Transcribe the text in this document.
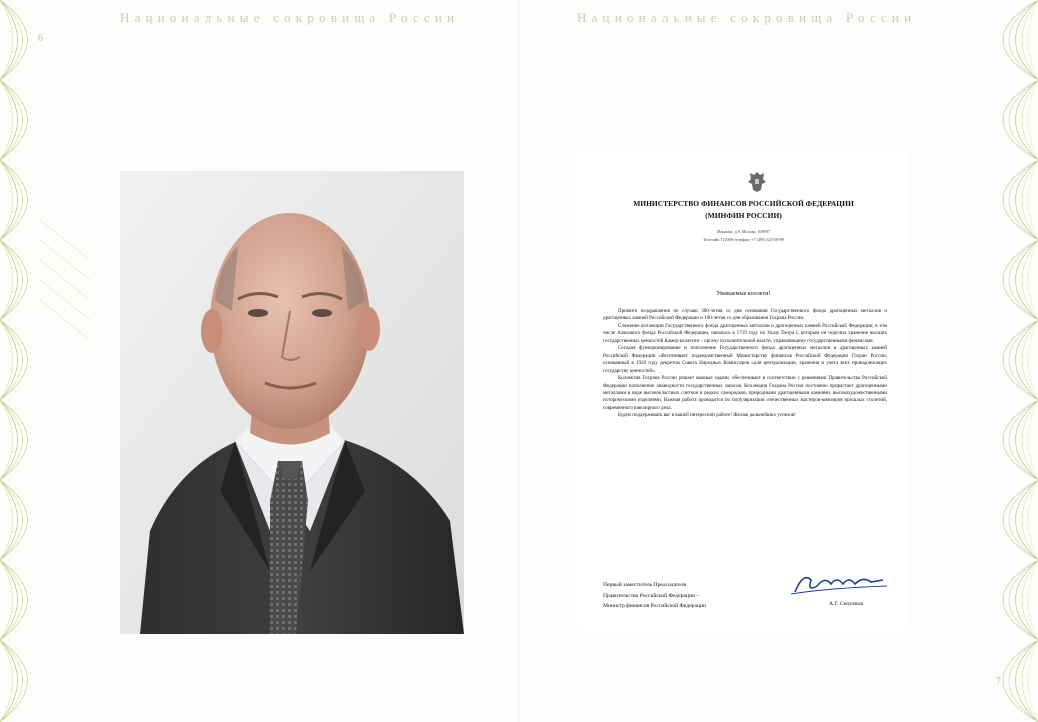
Национальные сокровища России	Национальные сокровища России
6
7
МИНИСТЕРСТВО ФИНАНСОВ РОССИЙСКОЙ ФЕДЕРАЦИИ
(МИНФИН РОССИИ)
Ильинка, д.9, Москва, 109097
Телетайп 112008 телефакс +7 (495) 625-08-89
Уважаемые коллеги!

Примите поздравления по случаю 300-летия со дня основания Государственного фонда драгоценных металлов и драгоценных камней Российской Федерации и 100-летия со дня образования Гохрана России.

Сложение коллекции Государственного фонда драгоценных металлов и драгоценных камней Российской Федерации, в том числе Алмазного фонда Российской Федерации, началось в 1719 году по Указу Петра I, которым он поручил хранение высших государственных ценностей Камер-коллегии – органу исполнительной власти, управляющему государственными финансами.

Сегодня функционирование и пополнение Государственного фонда драгоценных металлов и драгоценных камней Российской Федерации обеспечивает подведомственный Министерству финансов Российской Федерации Гохран России, основанный в 1920 году декретом Совета Народных Комиссаров «для централизации, хранения и учета всех принадлежащих государству ценностей».

Коллектив Гохрана России решает важные задачи, обеспечивает в соответствии с решениями Правительства Российской Федерации пополнение ликвидности государственных запасов. Коллекция Гохрана России постоянно прирастает драгоценными металлами в виде высококлассных слитков и редких самородков, природными драгоценными камнями, высокохудожественными историческими изделиями. Важная работа проводится по популяризации отечественных мастеров-ювелиров прошлых столетий, современного ювелирного дела.

Будем поддерживать вас в вашей интересной работе! Желаю дальнейших успехов!

Первый заместитель Председателя
Правительства Российской Федерации –
Министр финансов Российской Федерации	А.Г. Силуанов
